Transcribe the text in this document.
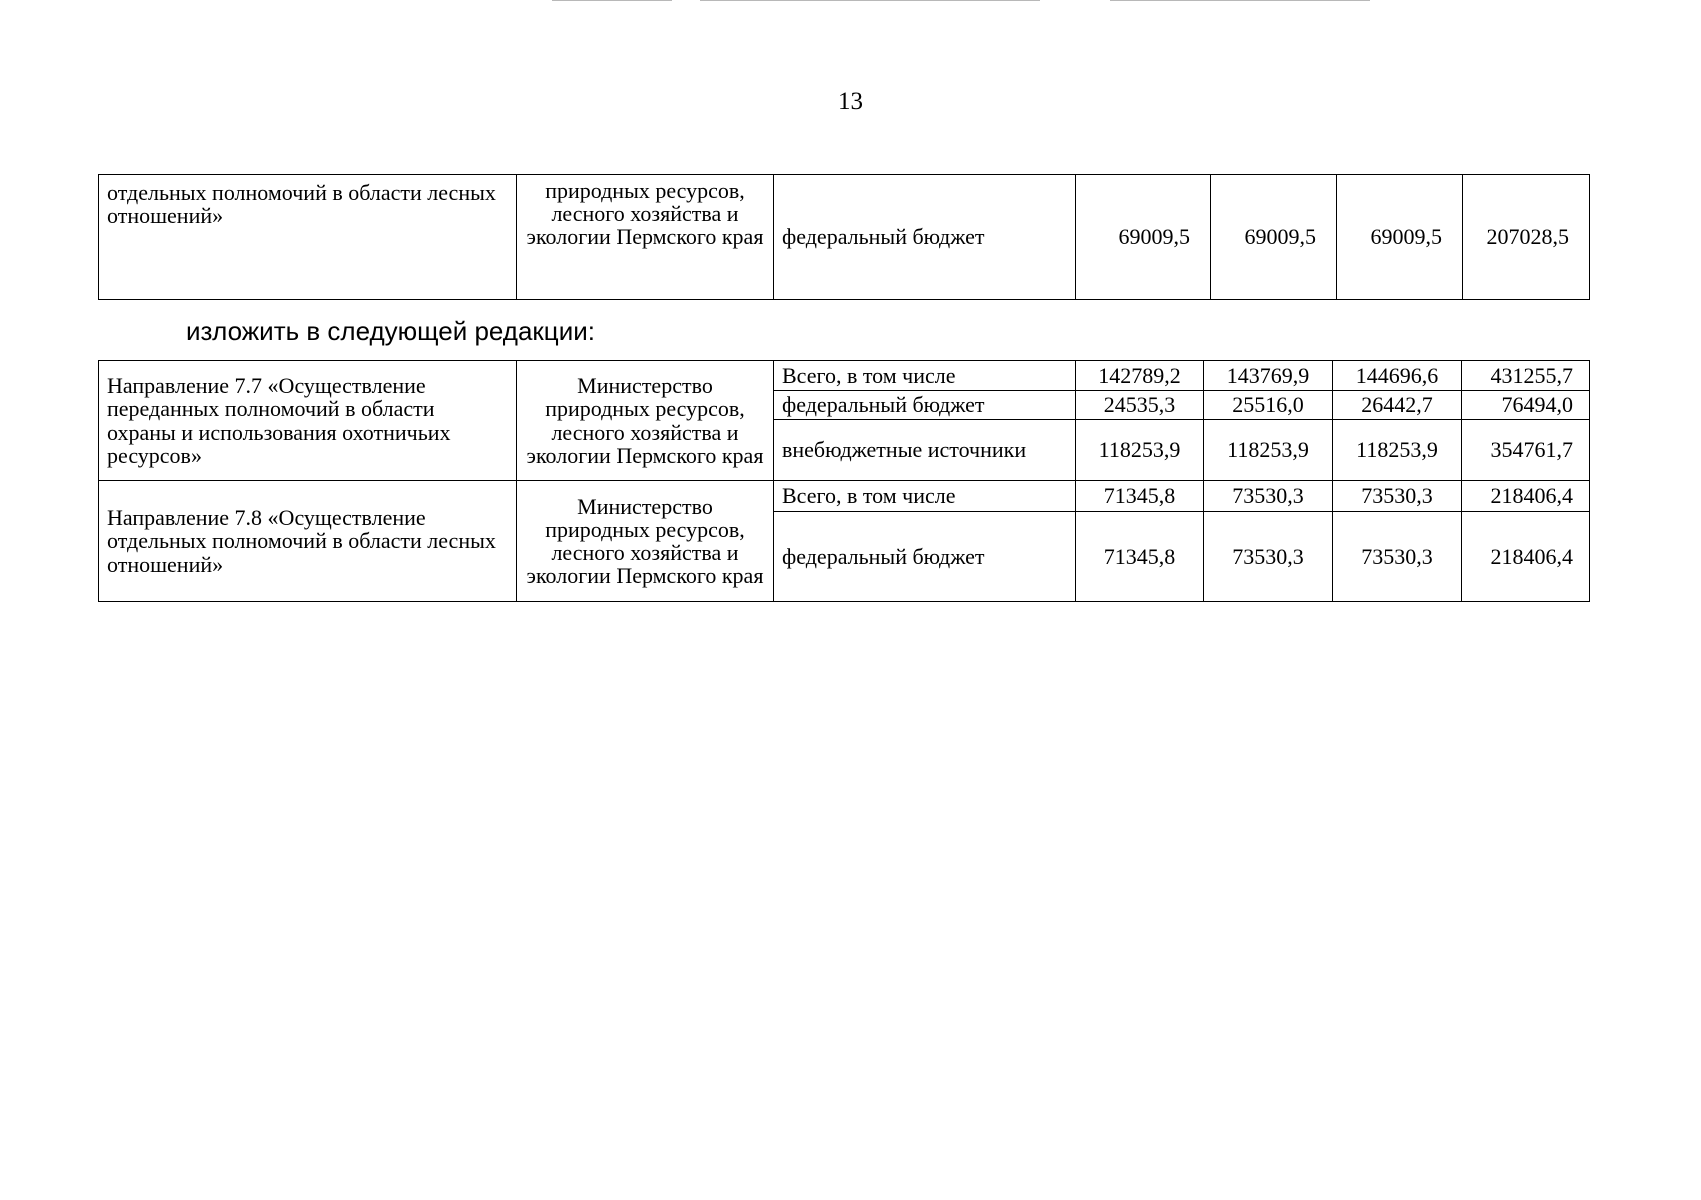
13
отдельных полномочий в области лесных отношений»	природных ресурсов, лесного хозяйства и экологии Пермского края	федеральный бюджет	69009,5	69009,5	69009,5	207028,5
изложить в следующей редакции:
Направление 7.7 «Осуществление переданных полномочий в области охраны и использования охотничьих ресурсов»	Министерство природных ресурсов, лесного хозяйства и экологии Пермского края	Всего, в том числе	142789,2	143769,9	144696,6	431255,7
		федеральный бюджет	24535,3	25516,0	26442,7	76494,0
		внебюджетные источники	118253,9	118253,9	118253,9	354761,7
Направление 7.8 «Осуществление отдельных полномочий в области лесных отношений»	Министерство природных ресурсов, лесного хозяйства и экологии Пермского края	Всего, в том числе	71345,8	73530,3	73530,3	218406,4
		федеральный бюджет	71345,8	73530,3	73530,3	218406,4
